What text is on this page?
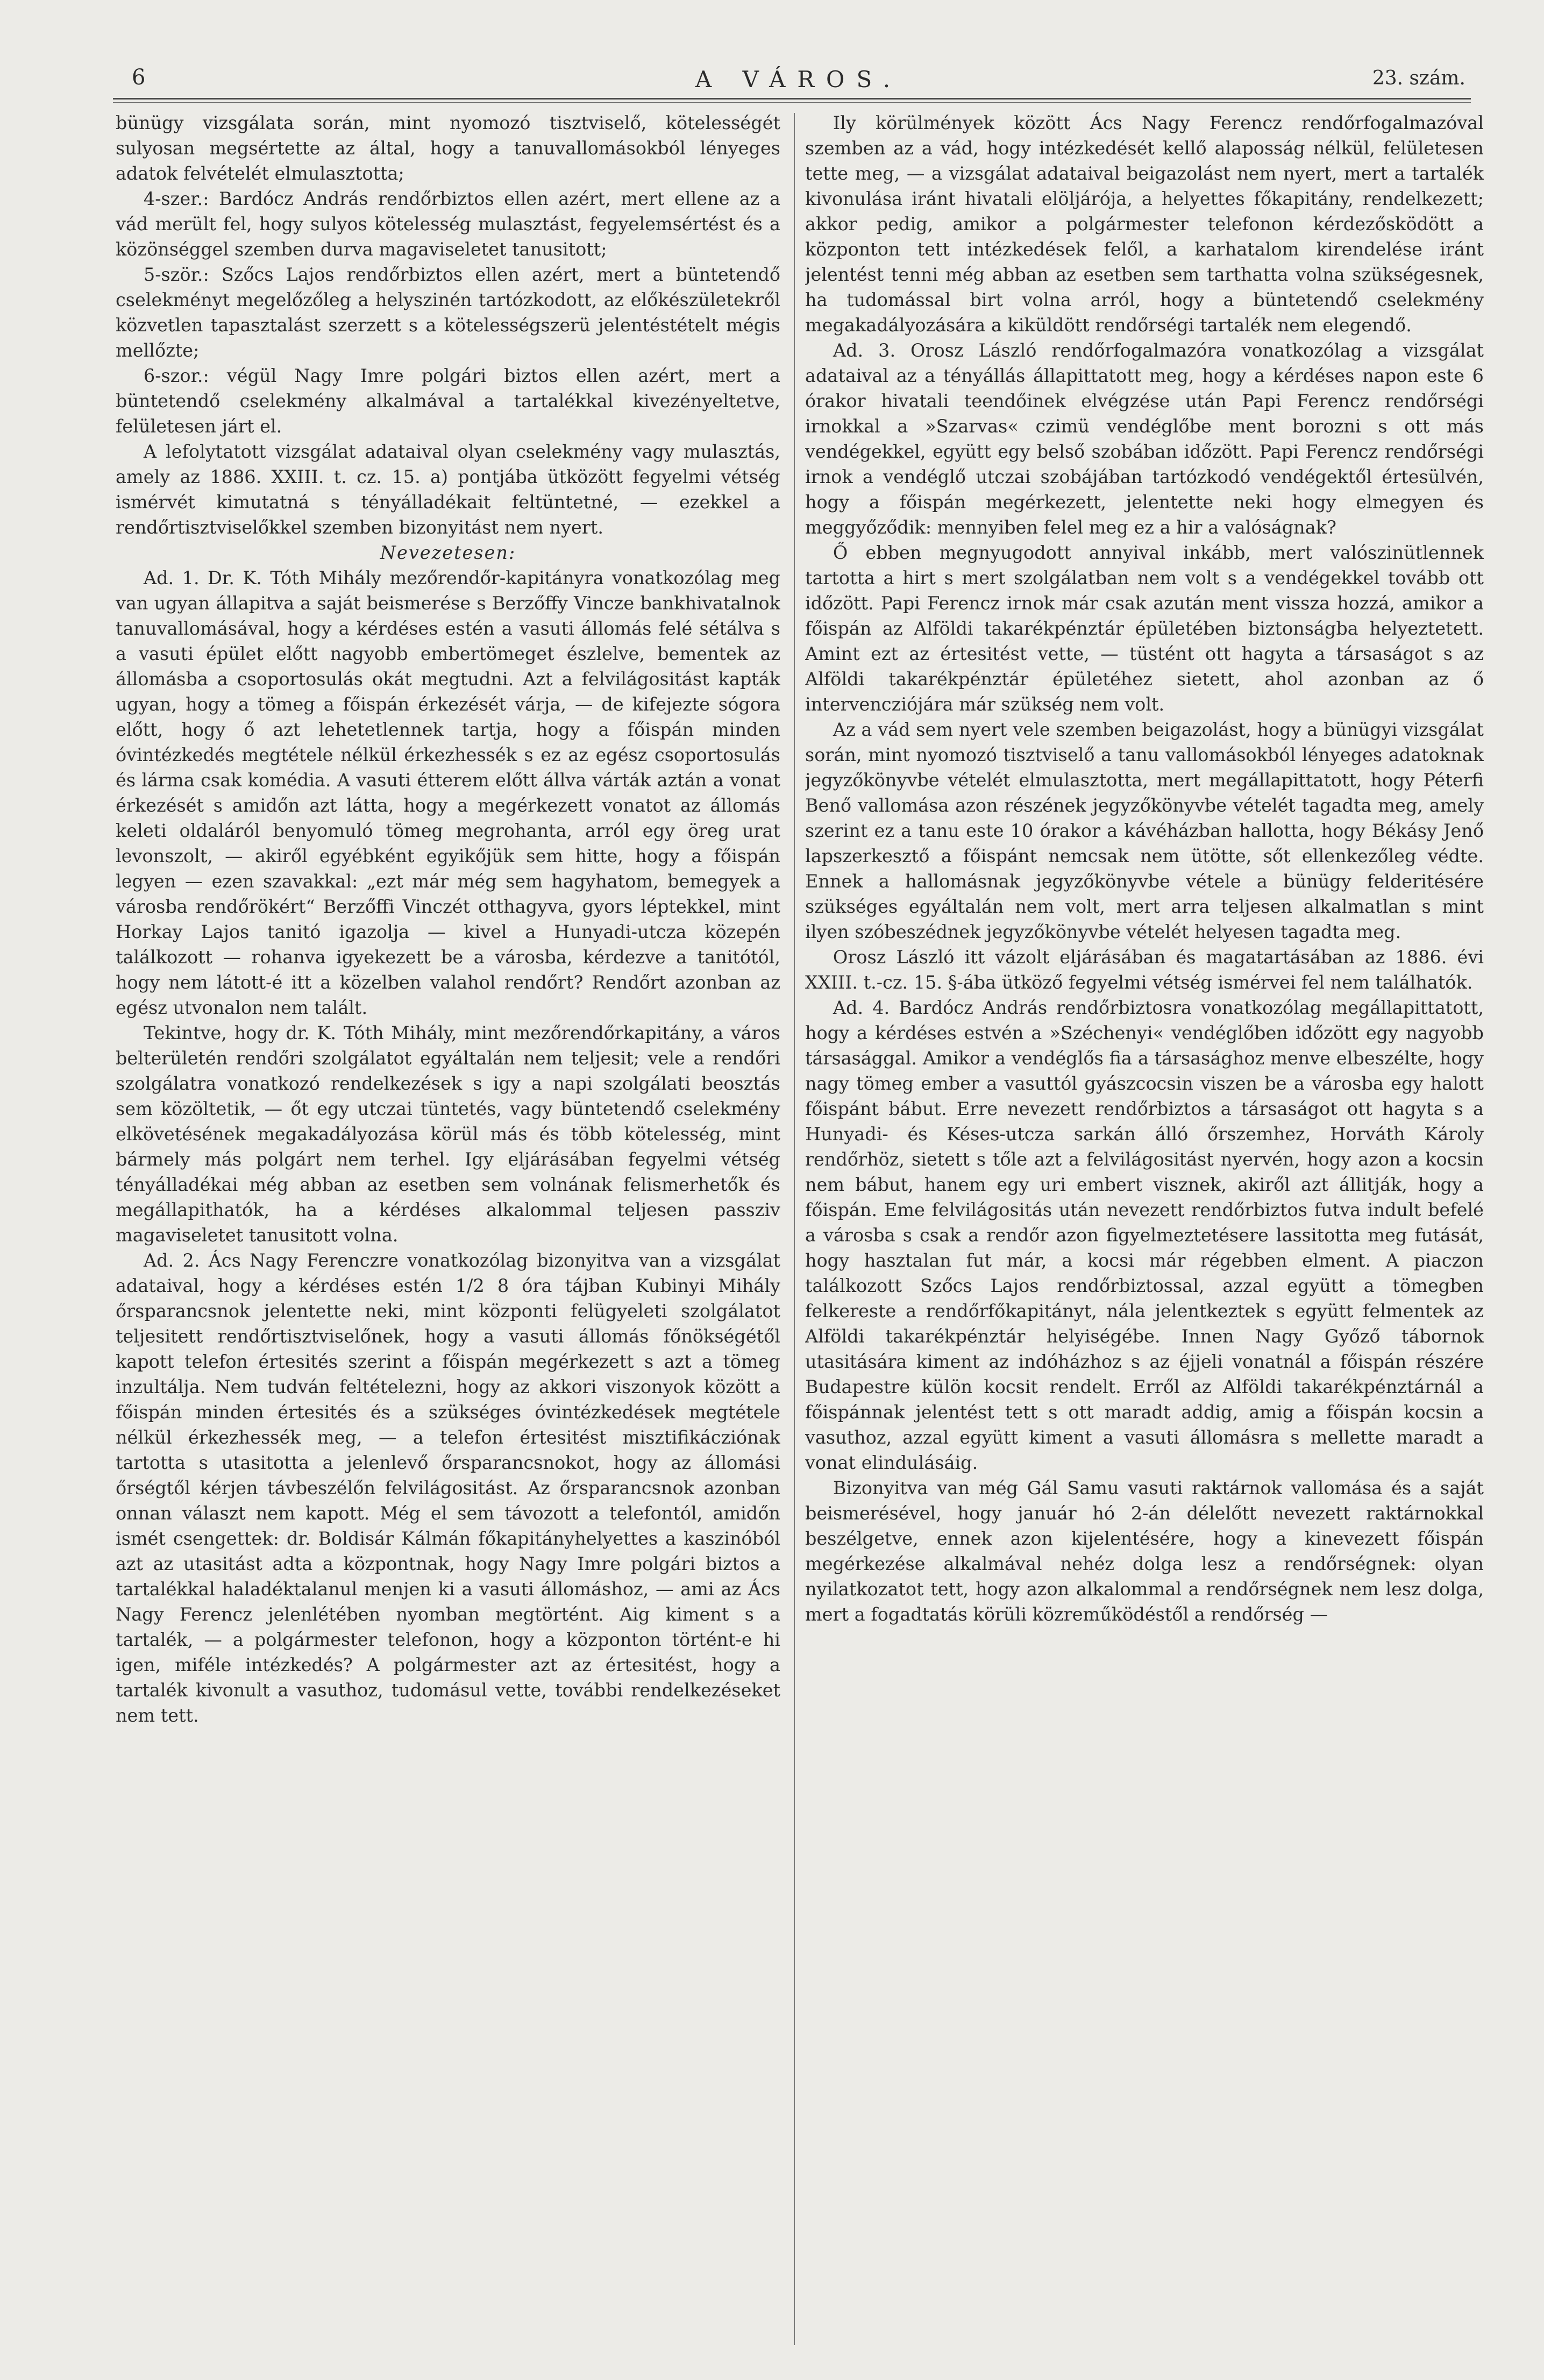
6	A VÁROS.	23. szám.

bünügy vizsgálata során, mint nyomozó tisztviselő, kötelességét sulyosan megsértette az által, hogy a tanuvallomásokból lényeges adatok felvételét elmulasztotta;

4-szer.: Bardócz András rendőrbiztos ellen azért, mert ellene az a vád merült fel, hogy sulyos kötelesség mulasztást, fegyelemsértést és a közönséggel szemben durva magaviseletet tanusitott;

5-ször.: Szőcs Lajos rendőrbiztos ellen azért, mert a büntetendő cselekményt megelőzőleg a helyszinén tartózkodott, az előkészületekről közvetlen tapasztalást szerzett s a kötelességszerü jelentéstételt mégis mellőzte;

6-szor.: végül Nagy Imre polgári biztos ellen azért, mert a büntetendő cselekmény alkalmával a tartalékkal kivezényeltetve, felületesen járt el.

A lefolytatott vizsgálat adataival olyan cselekmény vagy mulasztás, amely az 1886. XXIII. t. cz. 15. a) pontjába ütközött fegyelmi vétség ismérvét kimutatná s tényálladékait feltüntetné, — ezekkel a rendőrtisztviselőkkel szemben bizonyitást nem nyert.

Nevezetesen:

Ad. 1. Dr. K. Tóth Mihály mezőrendőr-kapitányra vonatkozólag meg van ugyan állapitva a saját beismerése s Berzőffy Vincze bankhivatalnok tanuvallomásával, hogy a kérdéses estén a vasuti állomás felé sétálva s a vasuti épület előtt nagyobb embertömeget észlelve, bementek az állomásba a csoportosulás okát megtudni. Azt a felvilágositást kapták ugyan, hogy a tömeg a főispán érkezését várja, — de kifejezte sógora előtt, hogy ő azt lehetetlennek tartja, hogy a főispán minden óvintézkedés megtétele nélkül érkezhessék s ez az egész csoportosulás és lárma csak komédia. A vasuti étterem előtt állva várták aztán a vonat érkezését s amidőn azt látta, hogy a megérkezett vonatot az állomás keleti oldaláról benyomuló tömeg megrohanta, arról egy öreg urat levonszolt, — akiről egyébként egyikőjük sem hitte, hogy a főispán legyen — ezen szavakkal: „ezt már még sem hagyhatom, bemegyek a városba rendőrökért“ Berzőffi Vinczét otthagyva, gyors léptekkel, mint Horkay Lajos tanitó igazolja — kivel a Hunyadi-utcza közepén találkozott — rohanva igyekezett be a városba, kérdezve a tanitótól, hogy nem látott-é itt a közelben valahol rendőrt? Rendőrt azonban az egész utvonalon nem talált.

Tekintve, hogy dr. K. Tóth Mihály, mint mezőrendőrkapitány, a város belterületén rendőri szolgálatot egyáltalán nem teljesit; vele a rendőri szolgálatra vonatkozó rendelkezések s igy a napi szolgálati beosztás sem közöltetik, — őt egy utczai tüntetés, vagy büntetendő cselekmény elkövetésének megakadályozása körül más és több kötelesség, mint bármely más polgárt nem terhel. Igy eljárásában fegyelmi vétség tényálladékai még abban az esetben sem volnának felismerhetők és megállapithatók, ha a kérdéses alkalommal teljesen passziv magaviseletet tanusitott volna.

Ad. 2. Ács Nagy Ferenczre vonatkozólag bizonyitva van a vizsgálat adataival, hogy a kérdéses estén 1/2 8 óra tájban Kubinyi Mihály őrsparancsnok jelentette neki, mint központi felügyeleti szolgálatot teljesitett rendőrtisztviselőnek, hogy a vasuti állomás főnökségétől kapott telefon értesités szerint a főispán megérkezett s azt a tömeg inzultálja. Nem tudván feltételezni, hogy az akkori viszonyok között a főispán minden értesités és a szükséges óvintézkedések megtétele nélkül érkezhessék meg, — a telefon értesitést misztifikácziónak tartotta s utasitotta a jelenlevő őrsparancsnokot, hogy az állomási őrségtől kérjen távbeszélőn felvilágositást. Az őrsparancsnok azonban onnan választ nem kapott. Még el sem távozott a telefontól, amidőn ismét csengettek: dr. Boldisár Kálmán főkapitányhelyettes a kaszinóból azt az utasitást adta a központnak, hogy Nagy Imre polgári biztos a tartalékkal haladéktalanul menjen ki a vasuti állomáshoz, — ami az Ács Nagy Ferencz jelenlétében nyomban megtörtént. Aig kiment s a tartalék, — a polgármester telefonon, hogy a központon történt-e hi igen, miféle intézkedés? A polgármester azt az értesitést, hogy a tartalék kivonult a vasuthoz, tudomásul vette, további rendelkezéseket nem tett.

Ily körülmények között Ács Nagy Ferencz rendőrfogalmazóval szemben az a vád, hogy intézkedését kellő alaposság nélkül, felületesen tette meg, — a vizsgálat adataival beigazolást nem nyert, mert a tartalék kivonulása iránt hivatali elöljárója, a helyettes főkapitány, rendelkezett; akkor pedig, amikor a polgármester telefonon kérdezősködött a központon tett intézkedések felől, a karhatalom kirendelése iránt jelentést tenni még abban az esetben sem tarthatta volna szükségesnek, ha tudomással birt volna arról, hogy a büntetendő cselekmény megakadályozására a kiküldött rendőrségi tartalék nem elegendő.

Ad. 3. Orosz László rendőrfogalmazóra vonatkozólag a vizsgálat adataival az a tényállás állapittatott meg, hogy a kérdéses napon este 6 órakor hivatali teendőinek elvégzése után Papi Ferencz rendőrségi irnokkal a »Szarvas« czimü vendéglőbe ment borozni s ott más vendégekkel, együtt egy belső szobában időzött. Papi Ferencz rendőrségi irnok a vendéglő utczai szobájában tartózkodó vendégektől értesülvén, hogy a főispán megérkezett, jelentette neki hogy elmegyen és meggyőződik: mennyiben felel meg ez a hir a valóságnak?

Ő ebben megnyugodott annyival inkább, mert valószinütlennek tartotta a hirt s mert szolgálatban nem volt s a vendégekkel tovább ott időzött. Papi Ferencz irnok már csak azután ment vissza hozzá, amikor a főispán az Alföldi takarékpénztár épületében biztonságba helyeztetett. Amint ezt az értesitést vette, — tüstént ott hagyta a társaságot s az Alföldi takarékpénztár épületéhez sietett, ahol azonban az ő intervencziójára már szükség nem volt.

Az a vád sem nyert vele szemben beigazolást, hogy a bünügyi vizsgálat során, mint nyomozó tisztviselő a tanu vallomásokból lényeges adatoknak jegyzőkönyvbe vételét elmulasztotta, mert megállapittatott, hogy Péterfi Benő vallomása azon részének jegyzőkönyvbe vételét tagadta meg, amely szerint ez a tanu este 10 órakor a kávéházban hallotta, hogy Békásy Jenő lapszerkesztő a főispánt nemcsak nem ütötte, sőt ellenkezőleg védte. Ennek a hallomásnak jegyzőkönyvbe vétele a bünügy felderitésére szükséges egyáltalán nem volt, mert arra teljesen alkalmatlan s mint ilyen szóbeszédnek jegyzőkönyvbe vételét helyesen tagadta meg.

Orosz László itt vázolt eljárásában és magatartásában az 1886. évi XXIII. t.-cz. 15. §-ába ütköző fegyelmi vétség ismérvei fel nem találhatók.

Ad. 4. Bardócz András rendőrbiztosra vonatkozólag megállapittatott, hogy a kérdéses estvén a »Széchenyi« vendéglőben időzött egy nagyobb társasággal. Amikor a vendéglős fia a társasághoz menve elbeszélte, hogy nagy tömeg ember a vasuttól gyászcocsin viszen be a városba egy halott főispánt bábut. Erre nevezett rendőrbiztos a társaságot ott hagyta s a Hunyadi- és Késes-utcza sarkán álló őrszemhez, Horváth Károly rendőrhöz, sietett s tőle azt a felvilágositást nyervén, hogy azon a kocsin nem bábut, hanem egy uri embert visznek, akiről azt állitják, hogy a főispán. Eme felvilágositás után nevezett rendőrbiztos futva indult befelé a városba s csak a rendőr azon figyelmeztetésere lassitotta meg futását, hogy hasztalan fut már, a kocsi már régebben elment. A piaczon találkozott Szőcs Lajos rendőrbiztossal, azzal együtt a tömegben felkereste a rendőrfőkapitányt, nála jelentkeztek s együtt felmentek az Alföldi takarékpénztár helyiségébe. Innen Nagy Győző tábornok utasitására kiment az indóházhoz s az éjjeli vonatnál a főispán részére Budapestre külön kocsit rendelt. Erről az Alföldi takarékpénztárnál a főispánnak jelentést tett s ott maradt addig, amig a főispán kocsin a vasuthoz, azzal együtt kiment a vasuti állomásra s mellette maradt a vonat elindulásáig.

Bizonyitva van még Gál Samu vasuti raktárnok vallomása és a saját beismerésével, hogy január hó 2-án délelőtt nevezett raktárnokkal beszélgetve, ennek azon kijelentésére, hogy a kinevezett főispán megérkezése alkalmával nehéz dolga lesz a rendőrségnek: olyan nyilatkozatot tett, hogy azon alkalommal a rendőrségnek nem lesz dolga, mert a fogadtatás körüli közreműködéstől a rendőrség —
